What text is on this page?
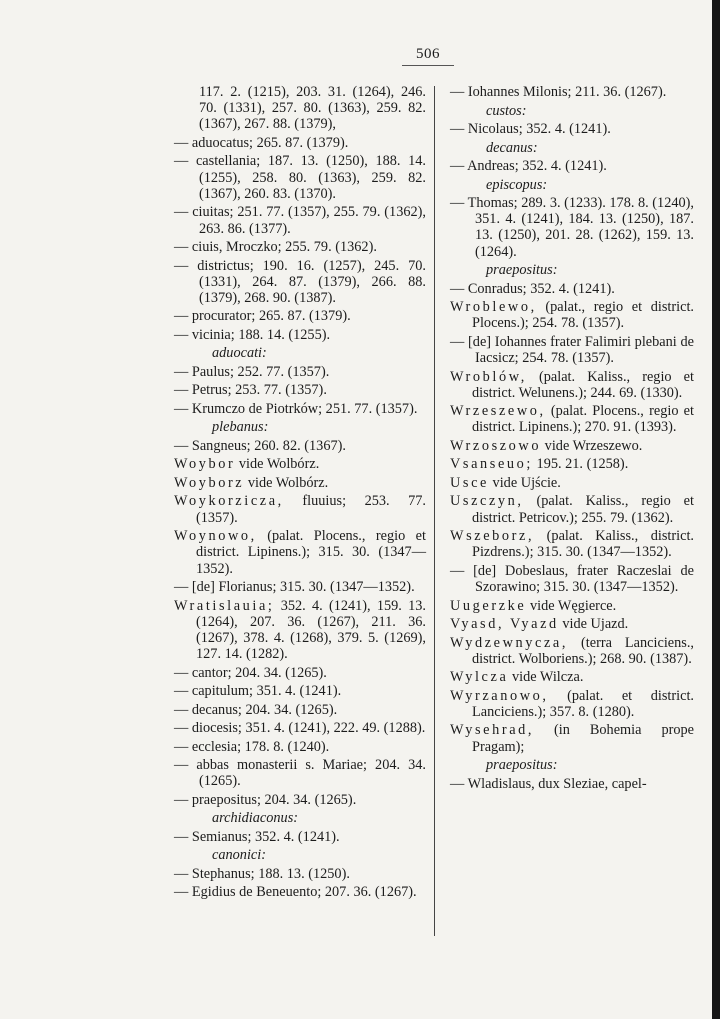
506
117. 2. (1215), 203. 31. (1264), 246. 70. (1331), 257. 80. (1363), 259. 82. (1367), 267. 88. (1379),
— aduocatus; 265. 87. (1379).
— castellania; 187. 13. (1250), 188. 14. (1255), 258. 80. (1363), 259. 82. (1367), 260. 83. (1370).
— ciuitas; 251. 77. (1357), 255. 79. (1362), 263. 86. (1377).
— ciuis, Mroczko; 255. 79. (1362).
— districtus; 190. 16. (1257), 245. 70. (1331), 264. 87. (1379), 266. 88. (1379), 268. 90. (1387).
— procurator; 265. 87. (1379).
— vicinia; 188. 14. (1255).
aduocati:
— Paulus; 252. 77. (1357).
— Petrus; 253. 77. (1357).
— Krumczo de Piotrków; 251. 77. (1357).
plebanus:
— Sangneus; 260. 82. (1367).
Woybor vide Wolbórz.
Woyborz vide Wolbórz.
Woykorzicza, fluuius; 253. 77. (1357).
Woynowo, (palat. Plocens., regio et district. Lipinens.); 315. 30. (1347—1352).
— [de] Florianus; 315. 30. (1347—1352).
Wratislauia; 352. 4. (1241), 159. 13. (1264), 207. 36. (1267), 211. 36. (1267), 378. 4. (1268), 379. 5. (1269), 127. 14. (1282).
— cantor; 204. 34. (1265).
— capitulum; 351. 4. (1241).
— decanus; 204. 34. (1265).
— diocesis; 351. 4. (1241), 222. 49. (1288).
— ecclesia; 178. 8. (1240).
— abbas monasterii s. Mariae; 204. 34. (1265).
— praepositus; 204. 34. (1265).
archidiaconus:
— Semianus; 352. 4. (1241).
canonici:
— Stephanus; 188. 13. (1250).
— Egidius de Beneuento; 207. 36. (1267).
— Iohannes Milonis; 211. 36. (1267).
custos:
— Nicolaus; 352. 4. (1241).
decanus:
— Andreas; 352. 4. (1241).
episcopus:
— Thomas; 289. 3. (1233). 178. 8. (1240), 351. 4. (1241), 184. 13. (1250), 187. 13. (1250), 201. 28. (1262), 159. 13. (1264).
praepositus:
— Conradus; 352. 4. (1241).
Wroblewo, (palat., regio et district. Plocens.); 254. 78. (1357).
— [de] Iohannes frater Falimiri plebani de Iacsicz; 254. 78. (1357).
Wroblów, (palat. Kaliss., regio et district. Welunens.); 244. 69. (1330).
Wrzeszewo, (palat. Plocens., regio et district. Lipinens.); 270. 91. (1393).
Wrzoszowo vide Wrzeszewo.
Vsanseuo; 195. 21. (1258).
Usce vide Ujście.
Uszczyn, (palat. Kaliss., regio et district. Petricov.); 255. 79. (1362).
Wszeborz, (palat. Kaliss., district. Pizdrens.); 315. 30. (1347—1352).
— [de] Dobeslaus, frater Raczeslai de Szorawino; 315. 30. (1347—1352).
Uugerzke vide Węgierce.
Vyasd, Vyazd vide Ujazd.
Wydzewnycza, (terra Lanciciens., district. Wolboriens.); 268. 90. (1387).
Wylcza vide Wilcza.
Wyrzanowo, (palat. et district. Lanciciens.); 357. 8. (1280).
Wysehrad, (in Bohemia prope Pragam);
praepositus:
— Wladislaus, dux Sleziae, capel-
